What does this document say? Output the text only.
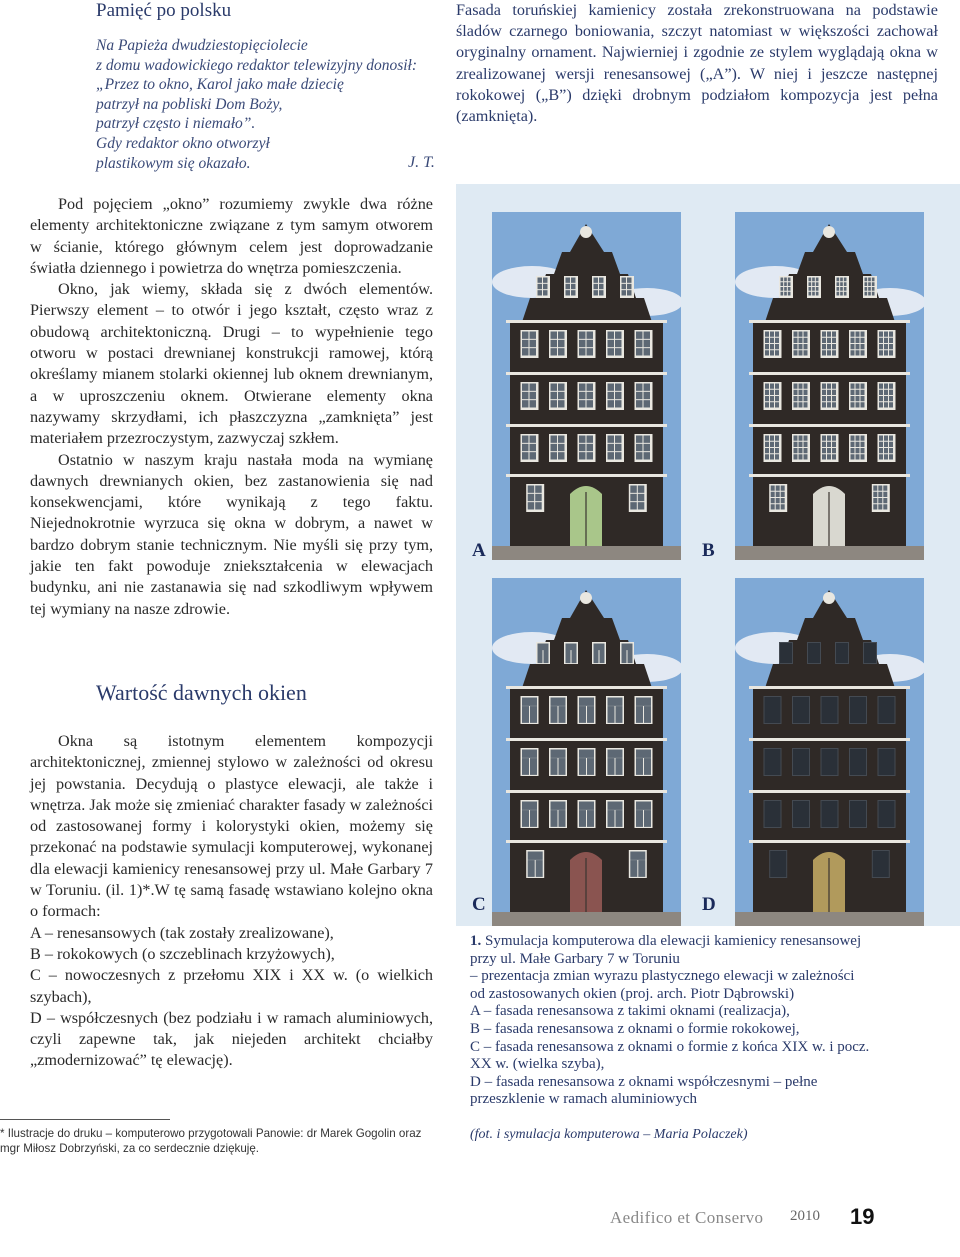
Pamięć po polsku
Na Papieża dwudziestopięciolecie
z domu wadowickiego redaktor telewizyjny donosił:
„Przez to okno, Karol jako małe dziecię
patrzył na pobliski Dom Boży,
patrzył często i niemało”.
Gdy redaktor okno otworzył
plastikowym się okazało.	J. T.

Pod pojęciem „okno” rozumiemy zwykle dwa różne elementy architektoniczne związane z tym samym otworem w ścianie, którego głównym celem jest doprowadzanie światła dziennego i powietrza do wnętrza pomieszczenia.

Okno, jak wiemy, składa się z dwóch elementów. Pierwszy element – to otwór i jego kształt, często wraz z obudową architektoniczną. Drugi – to wypełnienie tego otworu w postaci drewnianej konstrukcji ramowej, którą określamy mianem stolarki okiennej lub oknem drewnianym, a w uproszczeniu oknem. Otwierane elementy okna nazywamy skrzydłami, ich płaszczyzna „zamknięta” jest materiałem przezroczystym, zazwyczaj szkłem.

Ostatnio w naszym kraju nastała moda na wymianę dawnych drewnianych okien, bez zastanowienia się nad konsekwencjami, które wynikają z tego faktu. Niejednokrotnie wyrzuca się okna w dobrym, a nawet w bardzo dobrym stanie technicznym. Nie myśli się przy tym, jakie ten fakt powoduje zniekształcenia w elewacjach budynku, ani nie zastanawia się nad szkodliwym wpływem tej wymiany na nasze zdrowie.

Wartość dawnych okien

Okna są istotnym elementem kompozycji architektonicznej, zmiennej stylowo w zależności od okresu jej powstania. Decydują o plastyce elewacji, ale także i wnętrza. Jak może się zmieniać charakter fasady w zależności od zastosowanej formy i kolorystyki okien, możemy się przekonać na podstawie symulacji komputerowej, wykonanej dla elewacji kamienicy renesansowej przy ul. Małe Garbary 7 w Toruniu. (il. 1)*.W tę samą fasadę wstawiano kolejno okna o formach:

A – renesansowych (tak zostały zrealizowane),

B – rokokowych (o szczeblinach krzyżowych),

C – nowoczesnych z przełomu XIX i XX w. (o wielkich szybach),

D – współczesnych (bez podziału i w ramach aluminiowych, czyli zapewne tak, jak niejeden architekt chciałby „zmodernizować” tę elewację).

* Ilustracje do druku – komputerowo przygotowali Panowie: dr Marek Gogolin oraz mgr Miłosz Dobrzyński, za co serdecznie dziękuję.
Fasada toruńskiej kamienicy została zrekonstruowana na podstawie śladów czarnego boniowania, szczyt natomiast w większości zachował oryginalny ornament. Najwierniej i zgodnie ze stylem wyglądają okna w zrealizowanej wersji renesansowej („A”). W niej i jeszcze następnej rokokowej („B”) dzięki drobnym podziałom kompozycja jest pełna (zamknięta).
A	B
C	D

1. Symulacja komputerowa dla elewacji kamienicy renesansowej przy ul. Małe Garbary 7 w Toruniu

– prezentacja zmian wyrazu plastycznego elewacji w zależności od zastosowanych okien (proj. arch. Piotr Dąbrowski)

A – fasada renesansowa z takimi oknami (realizacja),

B – fasada renesansowa z oknami o formie rokokowej,

C – fasada renesansowa z oknami o formie z końca XIX w. i pocz. XX w. (wielka szyba),

D – fasada renesansowa z oknami współczesnymi – pełne przeszklenie w ramach aluminiowych

(fot. i symulacja komputerowa – Maria Polaczek)
Aedifico et Conservo 2010 19
